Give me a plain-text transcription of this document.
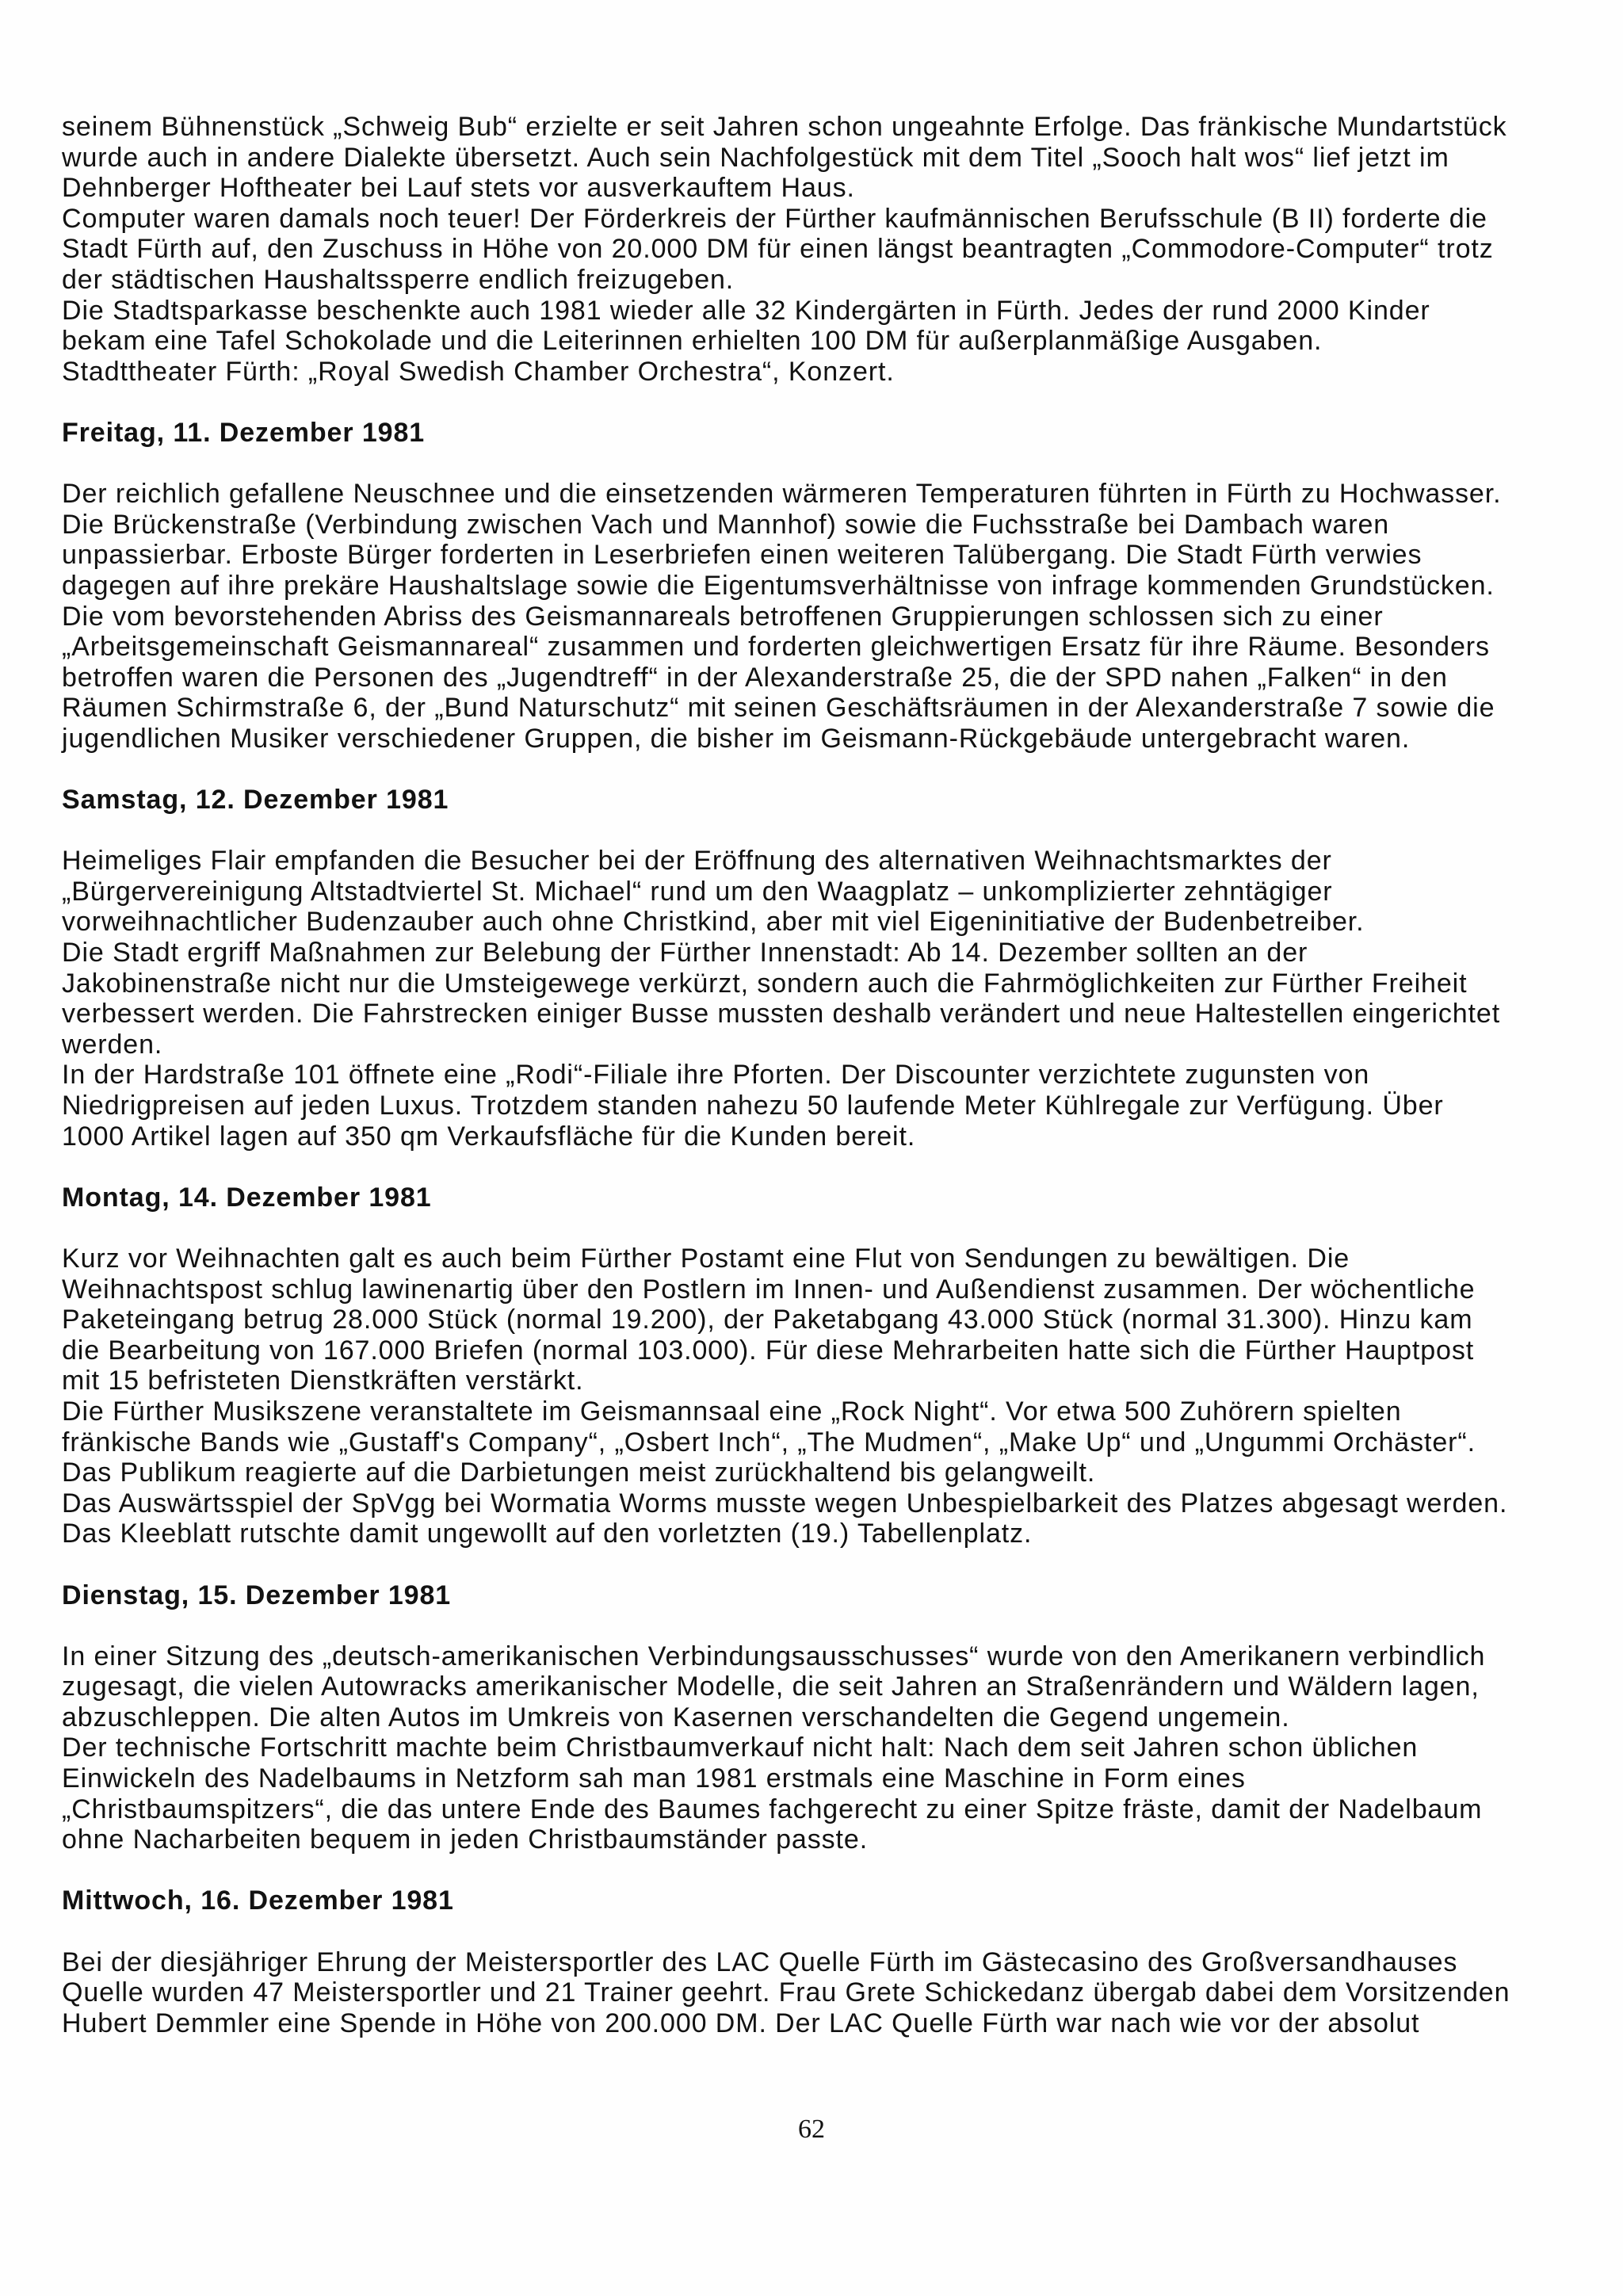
seinem Bühnenstück „Schweig Bub“ erzielte er seit Jahren schon ungeahnte Erfolge. Das fränkische Mundartstück
wurde auch in andere Dialekte übersetzt. Auch sein Nachfolgestück mit dem Titel „Sooch halt wos“ lief jetzt im
Dehnberger Hoftheater bei Lauf stets vor ausverkauftem Haus.
Computer waren damals noch teuer! Der Förderkreis der Fürther kaufmännischen Berufsschule (B II) forderte die
Stadt Fürth auf, den Zuschuss in Höhe von 20.000 DM für einen längst beantragten „Commodore-Computer“ trotz
der städtischen Haushaltssperre endlich freizugeben.
Die Stadtsparkasse beschenkte auch 1981 wieder alle 32 Kindergärten in Fürth. Jedes der rund 2000 Kinder
bekam eine Tafel Schokolade und die Leiterinnen erhielten 100 DM für außerplanmäßige Ausgaben.
Stadttheater Fürth: „Royal Swedish Chamber Orchestra“, Konzert.
Freitag, 11. Dezember 1981
Der reichlich gefallene Neuschnee und die einsetzenden wärmeren Temperaturen führten in Fürth zu Hochwasser.
Die Brückenstraße (Verbindung zwischen Vach und Mannhof) sowie die Fuchsstraße bei Dambach waren
unpassierbar. Erboste Bürger forderten in Leserbriefen einen weiteren Talübergang. Die Stadt Fürth verwies
dagegen auf ihre prekäre Haushaltslage sowie die Eigentumsverhältnisse von infrage kommenden Grundstücken.
Die vom bevorstehenden Abriss des Geismannareals betroffenen Gruppierungen schlossen sich zu einer
„Arbeitsgemeinschaft Geismannareal“ zusammen und forderten gleichwertigen Ersatz für ihre Räume. Besonders
betroffen waren die Personen des „Jugendtreff“ in der Alexanderstraße 25, die der SPD nahen „Falken“ in den
Räumen Schirmstraße 6, der „Bund Naturschutz“ mit seinen Geschäftsräumen in der Alexanderstraße 7 sowie die
jugendlichen Musiker verschiedener Gruppen, die bisher im Geismann-Rückgebäude untergebracht waren.
Samstag, 12. Dezember 1981
Heimeliges Flair empfanden die Besucher bei der Eröffnung des alternativen Weihnachtsmarktes der
„Bürgervereinigung Altstadtviertel St. Michael“ rund um den Waagplatz – unkomplizierter zehntägiger
vorweihnachtlicher Budenzauber auch ohne Christkind, aber mit viel Eigeninitiative der Budenbetreiber.
Die Stadt ergriff Maßnahmen zur Belebung der Fürther Innenstadt: Ab 14. Dezember sollten an der
Jakobinenstraße nicht nur die Umsteigewege verkürzt, sondern auch die Fahrmöglichkeiten zur Fürther Freiheit
verbessert werden. Die Fahrstrecken einiger Busse mussten deshalb verändert und neue Haltestellen eingerichtet
werden.
In der Hardstraße 101 öffnete eine „Rodi“-Filiale ihre Pforten. Der Discounter verzichtete zugunsten von
Niedrigpreisen auf jeden Luxus. Trotzdem standen nahezu 50 laufende Meter Kühlregale zur Verfügung. Über
1000 Artikel lagen auf 350 qm Verkaufsfläche für die Kunden bereit.
Montag, 14. Dezember 1981
Kurz vor Weihnachten galt es auch beim Fürther Postamt eine Flut von Sendungen zu bewältigen. Die
Weihnachtspost schlug lawinenartig über den Postlern im Innen- und Außendienst zusammen. Der wöchentliche
Paketeingang betrug 28.000 Stück (normal 19.200), der Paketabgang 43.000 Stück (normal 31.300). Hinzu kam
die Bearbeitung von 167.000 Briefen (normal 103.000). Für diese Mehrarbeiten hatte sich die Fürther Hauptpost
mit 15 befristeten Dienstkräften verstärkt.
Die Fürther Musikszene veranstaltete im Geismannsaal eine „Rock Night“. Vor etwa 500 Zuhörern spielten
fränkische Bands wie „Gustaff's Company“, „Osbert Inch“, „The Mudmen“, „Make Up“ und „Ungummi Orchäster“.
Das Publikum reagierte auf die Darbietungen meist zurückhaltend bis gelangweilt.
Das Auswärtsspiel der SpVgg bei Wormatia Worms musste wegen Unbespielbarkeit des Platzes abgesagt werden.
Das Kleeblatt rutschte damit ungewollt auf den vorletzten (19.) Tabellenplatz.
Dienstag, 15. Dezember 1981
In einer Sitzung des „deutsch-amerikanischen Verbindungsausschusses“ wurde von den Amerikanern verbindlich
zugesagt, die vielen Autowracks amerikanischer Modelle, die seit Jahren an Straßenrändern und Wäldern lagen,
abzuschleppen. Die alten Autos im Umkreis von Kasernen verschandelten die Gegend ungemein.
Der technische Fortschritt machte beim Christbaumverkauf nicht halt: Nach dem seit Jahren schon üblichen
Einwickeln des Nadelbaums in Netzform sah man 1981 erstmals eine Maschine in Form eines
„Christbaumspitzers“, die das untere Ende des Baumes fachgerecht zu einer Spitze fräste, damit der Nadelbaum
ohne Nacharbeiten bequem in jeden Christbaumständer passte.
Mittwoch, 16. Dezember 1981
Bei der diesjähriger Ehrung der Meistersportler des LAC Quelle Fürth im Gästecasino des Großversandhauses
Quelle wurden 47 Meistersportler und 21 Trainer geehrt. Frau Grete Schickedanz übergab dabei dem Vorsitzenden
Hubert Demmler eine Spende in Höhe von 200.000 DM. Der LAC Quelle Fürth war nach wie vor der absolut
62
